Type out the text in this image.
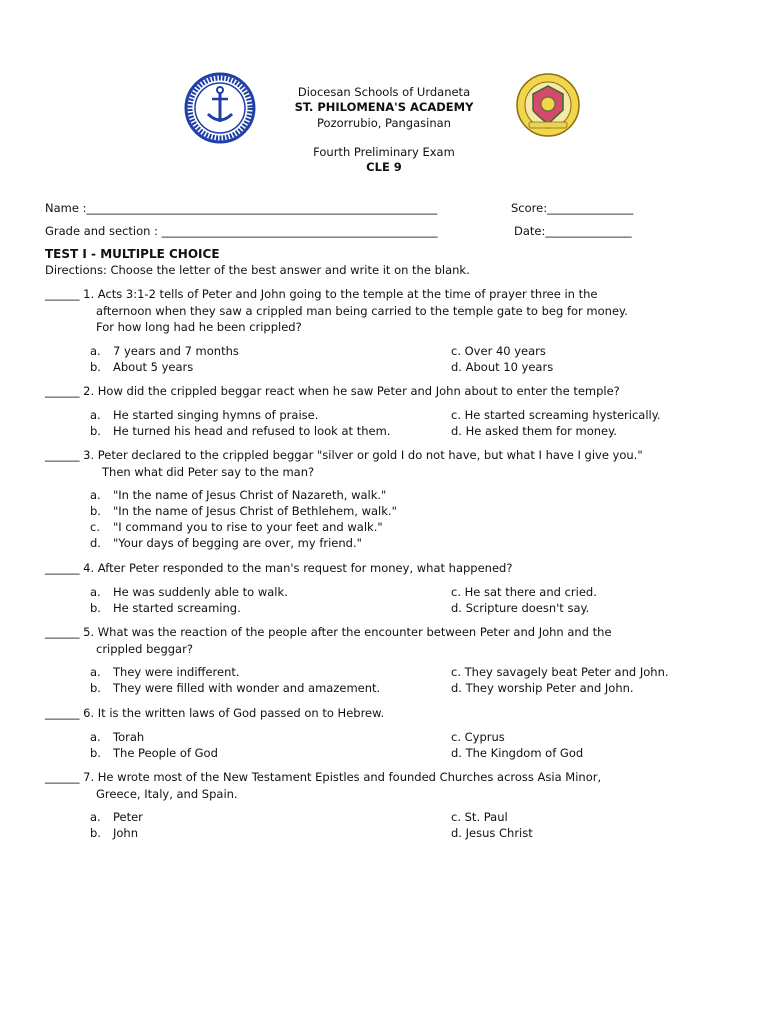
Diocesan Schools of Urdaneta
ST. PHILOMENA'S ACADEMY
Pozorrubio, Pangasinan
Fourth Preliminary Exam
CLE 9
Name :_____________________________________________________________	Score:_______________
Grade and section : ________________________________________________	Date:_______________
TEST I - MULTIPLE CHOICE
Directions: Choose the letter of the best answer and write it on the blank.
______ 1. Acts 3:1-2 tells of Peter and John going to the temple at the time of prayer three in the
afternoon when they saw a crippled man being carried to the temple gate to beg for money.
For how long had he been crippled?
a. 7 years and 7 months
b. About 5 years
c. Over 40 years
d. About 10 years
______ 2. How did the crippled beggar react when he saw Peter and John about to enter the temple?
a. He started singing hymns of praise.
b. He turned his head and refused to look at them.
c. He started screaming hysterically.
d. He asked them for money.
______ 3. Peter declared to the crippled beggar "silver or gold I do not have, but what I have I give you."
Then what did Peter say to the man?
a. "In the name of Jesus Christ of Nazareth, walk."
b. "In the name of Jesus Christ of Bethlehem, walk."
c. "I command you to rise to your feet and walk."
d. "Your days of begging are over, my friend."
______ 4. After Peter responded to the man's request for money, what happened?
a. He was suddenly able to walk.
b. He started screaming.
c. He sat there and cried.
d. Scripture doesn't say.
______ 5. What was the reaction of the people after the encounter between Peter and John and the
crippled beggar?
a. They were indifferent.
b. They were filled with wonder and amazement.
c. They savagely beat Peter and John.
d. They worship Peter and John.
______ 6. It is the written laws of God passed on to Hebrew.
a. Torah
b. The People of God
c. Cyprus
d. The Kingdom of God
______ 7. He wrote most of the New Testament Epistles and founded Churches across Asia Minor,
Greece, Italy, and Spain.
a. Peter
b. John
c. St. Paul
d. Jesus Christ
